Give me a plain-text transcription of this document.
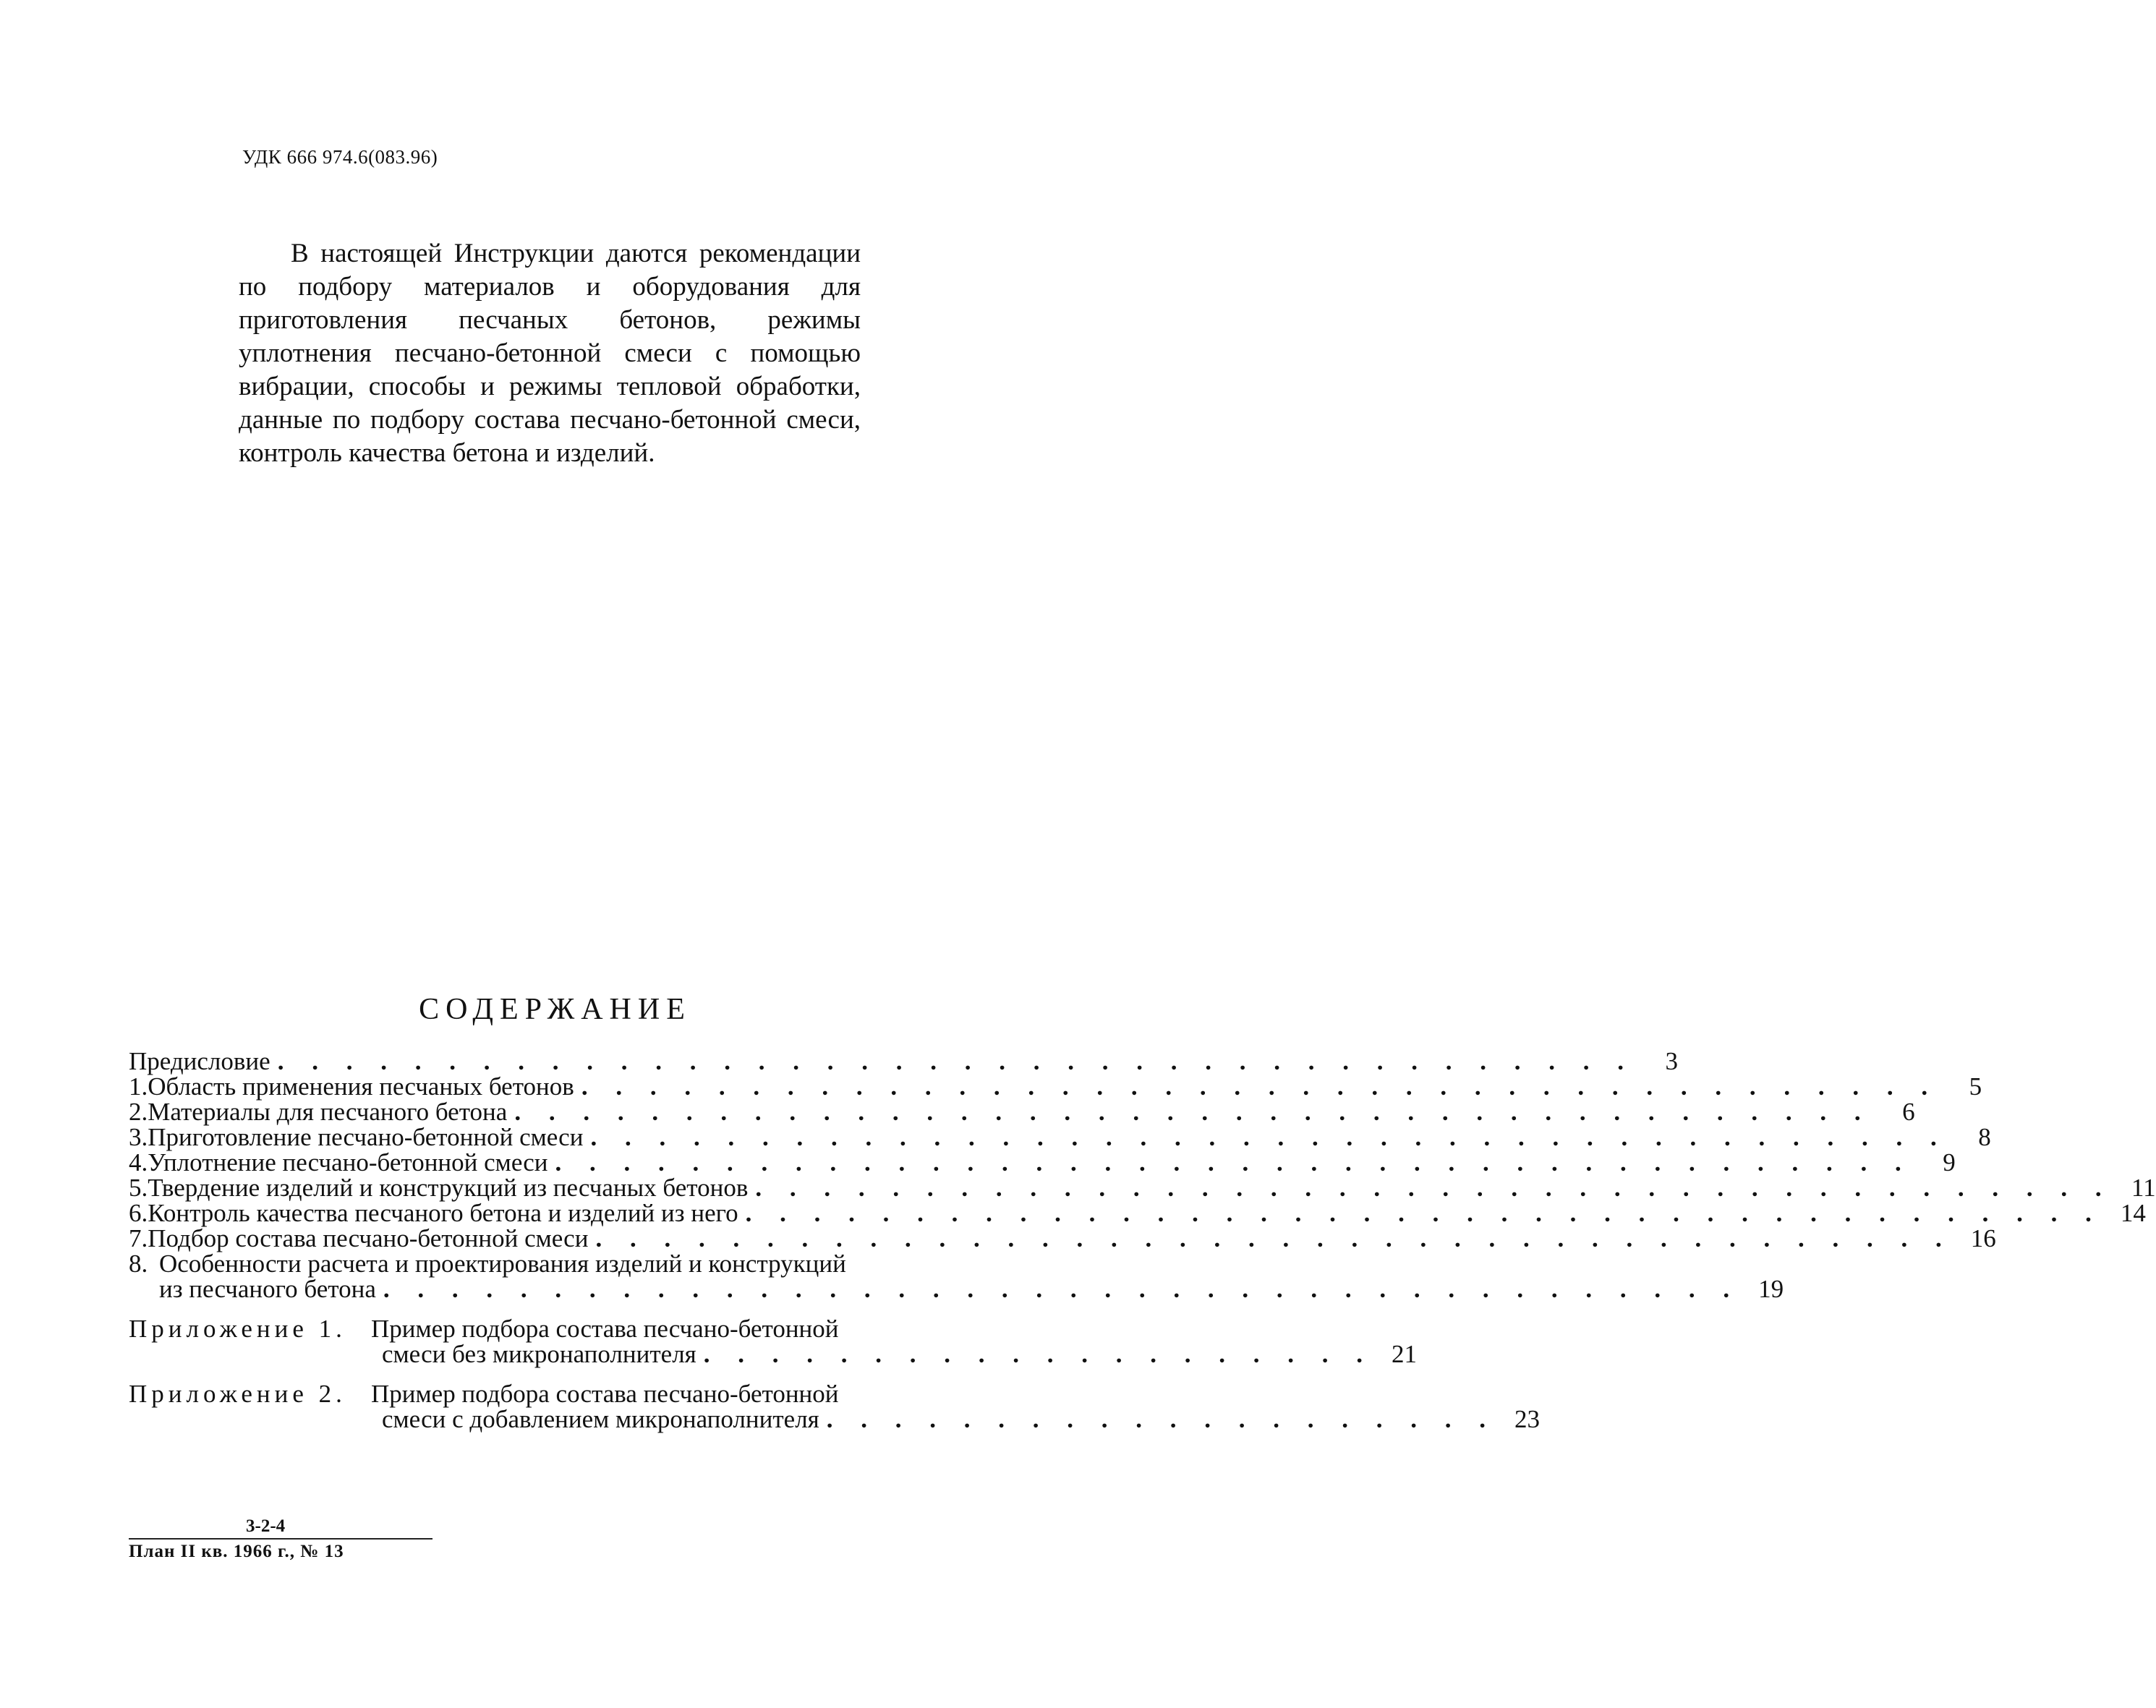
УДК 666 974.6(083.96)
В настоящей Инструкции даются рекомендации по подбору материалов и оборудования для приготовления песчаных бетонов, режимы уплотнения песчано-бетонной смеси с помощью вибрации, способы и режимы тепловой обработки, данные по подбору состава песчано-бетонной смеси, контроль качества бетона и изделий.
СОДЕРЖАНИЕ
Предисловие . . . . . . . . . . . . . . . . . . . . . . . . . . . . . . . . . . . . . . . .	3
1. Область применения песчаных бетонов . . . . . . . . . . . . . . . . . . . . . . . . . . . . . . . . . . . . . . . .	5
2. Материалы для песчаного бетона . . . . . . . . . . . . . . . . . . . . . . . . . . . . . . . . . . . . . . . .	6
3. Приготовление песчано-бетонной смеси . . . . . . . . . . . . . . . . . . . . . . . . . . . . . . . . . . . . . . . .	8
4. Уплотнение песчано-бетонной смеси . . . . . . . . . . . . . . . . . . . . . . . . . . . . . . . . . . . . . . . .	9
5. Твердение изделий и конструкций из песчаных бетонов . . . . . . . . . . . . . . . . . . . . . . . . . . . . . . . . . . . . . . . . 11
6. Контроль качества песчаного бетона и изделий из него . . . . . . . . . . . . . . . . . . . . . . . . . . . . . . . . . . . . . . . . 14
7. Подбор состава песчано-бетонной смеси . . . . . . . . . . . . . . . . . . . . . . . . . . . . . . . . . . . . . . . . 16
8. Особенности расчета и проектирования изделий и конструкций
из песчаного бетона . . . . . . . . . . . . . . . . . . . . . . . . . . . . . . . . . . . . . . . . 19
Приложение 1. Пример подбора состава песчано-бетонной
смеси без микронаполнителя . . . . . . . . . . . . . . . . . . . . 21
Приложение 2. Пример подбора состава песчано-бетонной
смеси с добавлением микронаполнителя . . . . . . . . . . . . . . . . . . . . 23
3-2-4
План II кв. 1966 г., № 13
